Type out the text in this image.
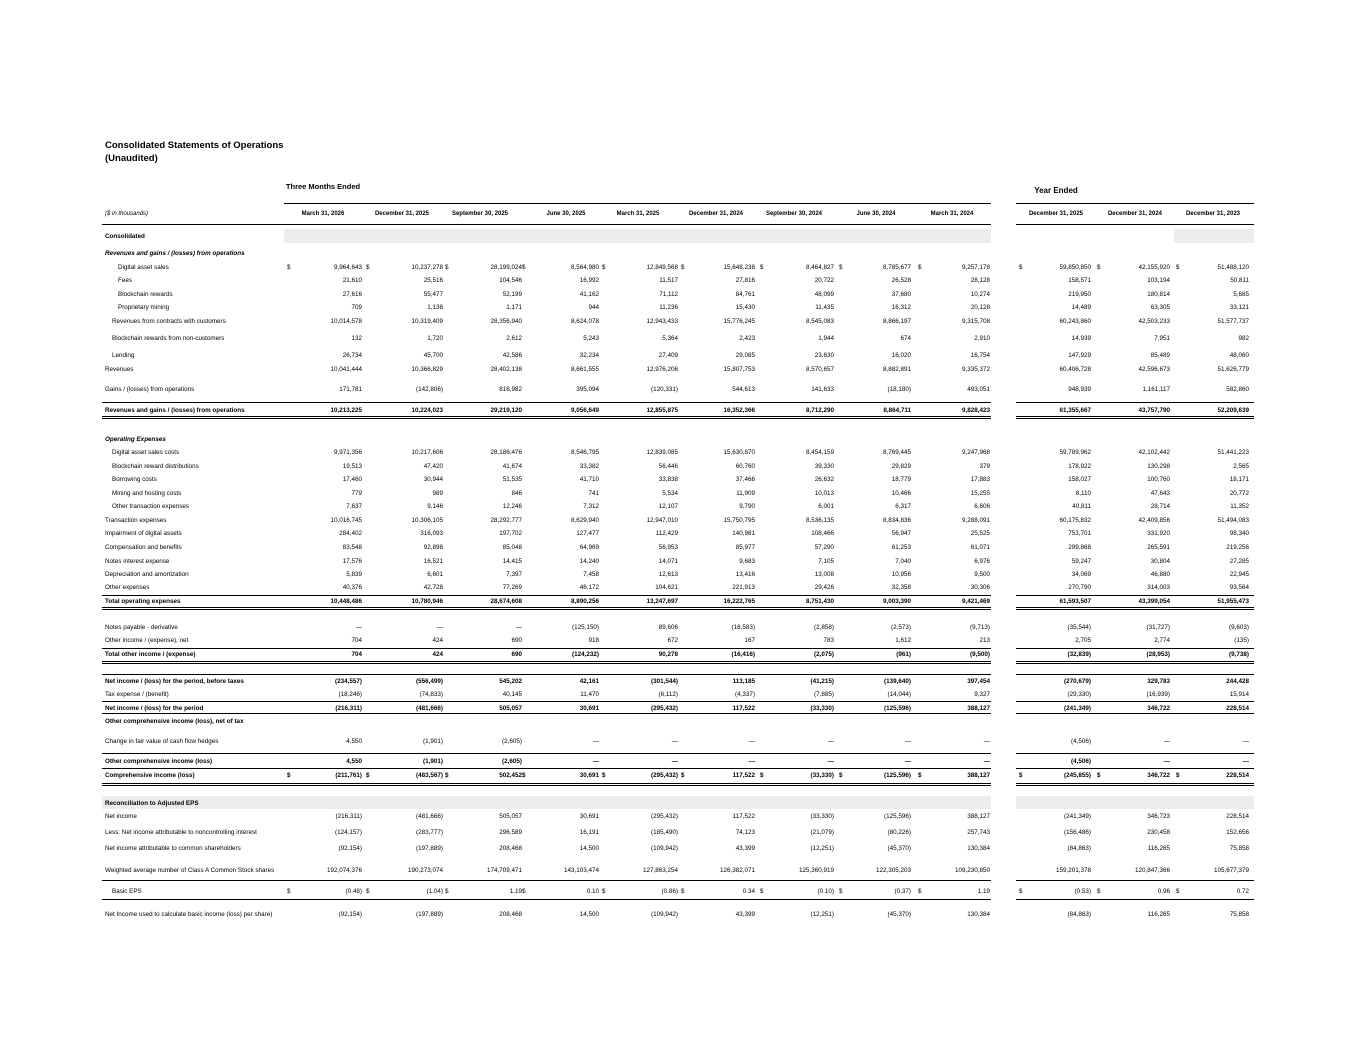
Consolidated Statements of Operations (Unaudited)
Three Months Ended	Year Ended
($ in thousands)	March 31, 2026	December 31, 2025	September 30, 2025	June 30, 2025	March 31, 2025	December 31, 2024	September 30, 2024	June 30, 2024	March 31, 2024	December 31, 2025	December 31, 2024	December 31, 2023
Consolidated
Revenues and gains / (losses) from operations
Digital asset sales	$	9,964,643 $	10,237,278 $	28,199,024 $	8,564,980 $	12,849,568 $	15,648,238 $	8,464,827 $	8,785,677 $	9,257,178	$	59,850,850 $	42,155,920 $	51,488,120
Fees	21,610	25,516	104,546	16,992	11,517	27,816	20,722	26,528	28,128	158,571	103,194	50,811
Blockchain rewards	27,616	55,477	52,199	41,162	71,112	84,761	48,099	37,680	10,274	219,950	180,814	5,685
Proprietary mining	709	1,138	1,171	944	11,236	15,430	11,435	16,312	20,128	14,489	63,305	33,121
Revenues from contracts with customers	10,014,578	10,319,409	28,356,940	8,624,078	12,943,433	15,776,245	8,545,083	8,866,197	9,315,708	60,243,860	42,503,233	51,577,737
Blockchain rewards from non-customers	132	1,720	2,612	5,243	5,364	2,423	1,944	674	2,910	14,939	7,951	982
Lending	26,734	45,700	42,586	32,234	27,409	29,085	23,630	16,020	16,754	147,929	85,489	48,060
Revenues	10,041,444	10,366,829	28,402,138	8,661,555	12,976,206	15,807,753	8,570,657	8,882,891	9,335,372	60,406,728	42,596,673	51,626,779
Gains / (losses) from operations	171,781	(142,806)	816,982	395,094	(120,331)	544,613	141,633	(18,180)	493,051	948,939	1,161,117	582,860
Revenues and gains / (losses) from operations	10,213,225	10,224,023	29,219,120	9,056,649	12,855,875	16,352,366	8,712,290	8,864,711	9,828,423	61,355,667	43,757,790	52,209,639
Operating Expenses
Digital asset sales costs	9,971,356	10,217,606	28,186,476	8,546,795	12,839,085	15,630,870	8,454,159	8,769,445	9,247,968	59,789,962	42,102,442	51,441,223
Blockchain reward distributions	19,513	47,420	41,674	33,382	56,446	60,760	39,330	29,829	379	178,922	130,298	2,565
Borrowing costs	17,460	30,944	51,535	41,710	33,838	37,466	26,632	18,779	17,883	158,027	100,760	18,171
Mining and hosting costs	779	989	846	741	5,534	11,909	10,013	10,466	15,255	8,110	47,643	20,772
Other transaction expenses	7,637	9,146	12,246	7,312	12,107	9,790	6,001	6,317	6,606	40,811	28,714	11,352
Transaction expenses	10,016,745	10,306,105	28,292,777	8,629,940	12,947,010	15,750,795	8,536,135	8,834,836	9,288,091	60,175,832	42,409,856	51,494,083
Impairment of digital assets	284,402	316,093	197,702	127,477	112,429	140,981	108,466	56,947	25,525	753,701	331,920	98,340
Compensation and benefits	83,548	92,898	85,048	64,969	56,953	85,977	57,290	61,253	61,071	299,868	265,591	219,256
Notes interest expense	17,576	16,521	14,415	14,240	14,071	9,683	7,105	7,040	6,976	59,247	30,804	27,285
Depreciation and amortization	5,839	6,601	7,397	7,458	12,613	13,416	13,008	10,956	9,500	34,069	46,880	22,945
Other expenses	40,376	42,728	77,269	46,172	104,621	221,913	29,426	32,358	30,306	270,790	314,003	93,564
Total operating expenses	10,448,486	10,780,946	28,674,608	8,890,256	13,247,697	16,222,765	8,751,430	9,003,390	9,421,469	61,593,507	43,399,054	51,955,473
Notes payable - derivative	—	—	—	(125,150)	89,606	(16,583)	(2,858)	(2,573)	(9,713)	(35,544)	(31,727)	(9,603)
Other income / (expense), net	704	424	690	918	672	167	783	1,612	213	2,705	2,774	(135)
Total other income / (expense)	704	424	690	(124,232)	90,278	(16,416)	(2,075)	(961)	(9,500)	(32,839)	(28,953)	(9,738)
Net income / (loss) for the period, before taxes	(234,557)	(556,499)	545,202	42,161	(301,544)	113,185	(41,215)	(139,640)	397,454	(270,679)	329,783	244,428
Tax expense / (benefit)	(18,246)	(74,833)	40,145	11,470	(6,112)	(4,337)	(7,885)	(14,044)	9,327	(29,330)	(16,939)	15,914
Net income / (loss) for the period	(216,311)	(481,666)	505,057	30,691	(295,432)	117,522	(33,330)	(125,596)	388,127	(241,349)	346,722	228,514
Other comprehensive income (loss), net of tax
Change in fair value of cash flow hedges	4,550	(1,901)	(2,605)	—	—	—	—	—	—	(4,506)	—	—
Other comprehensive income (loss)	4,550	(1,901)	(2,605)	—	—	—	—	—	—	(4,506)	—	—
Comprehensive income (loss)	$	(211,761) $	(483,567) $	502,452 $	30,691 $	(295,432) $	117,522 $	(33,330) $	(125,596) $	388,127	$	(245,855) $	346,722 $	228,514
Reconciliation to Adjusted EPS
Net income	(216,311)	(481,666)	505,057	30,691	(295,432)	117,522	(33,330)	(125,596)	388,127	(241,349)	346,723	228,514
Less: Net income attributable to noncontrolling interest	(124,157)	(283,777)	296,589	16,191	(185,490)	74,123	(21,079)	(80,226)	257,743	(156,486)	230,458	152,656
Net income attributable to common shareholders	(92,154)	(197,889)	208,468	14,500	(109,942)	43,399	(12,251)	(45,370)	130,384	(84,863)	116,265	75,858
Weighted average number of Class A Common Stock shares	192,074,376	190,273,074	174,709,471	143,103,474	127,863,254	126,382,071	125,360,919	122,305,203	109,230,850	159,201,378	120,847,366	105,677,379
Basic EPS	$	(0.48) $	(1.04) $	1.19 $	0.10 $	(0.86) $	0.34 $	(0.10) $	(0.37) $	1.19	$	(0.53) $	0.96 $	0.72
Net Income used to calculate basic income (loss) per share)	(92,154)	(197,889)	208,468	14,500	(109,942)	43,399	(12,251)	(45,370)	130,384	(84,863)	116,265	75,858
